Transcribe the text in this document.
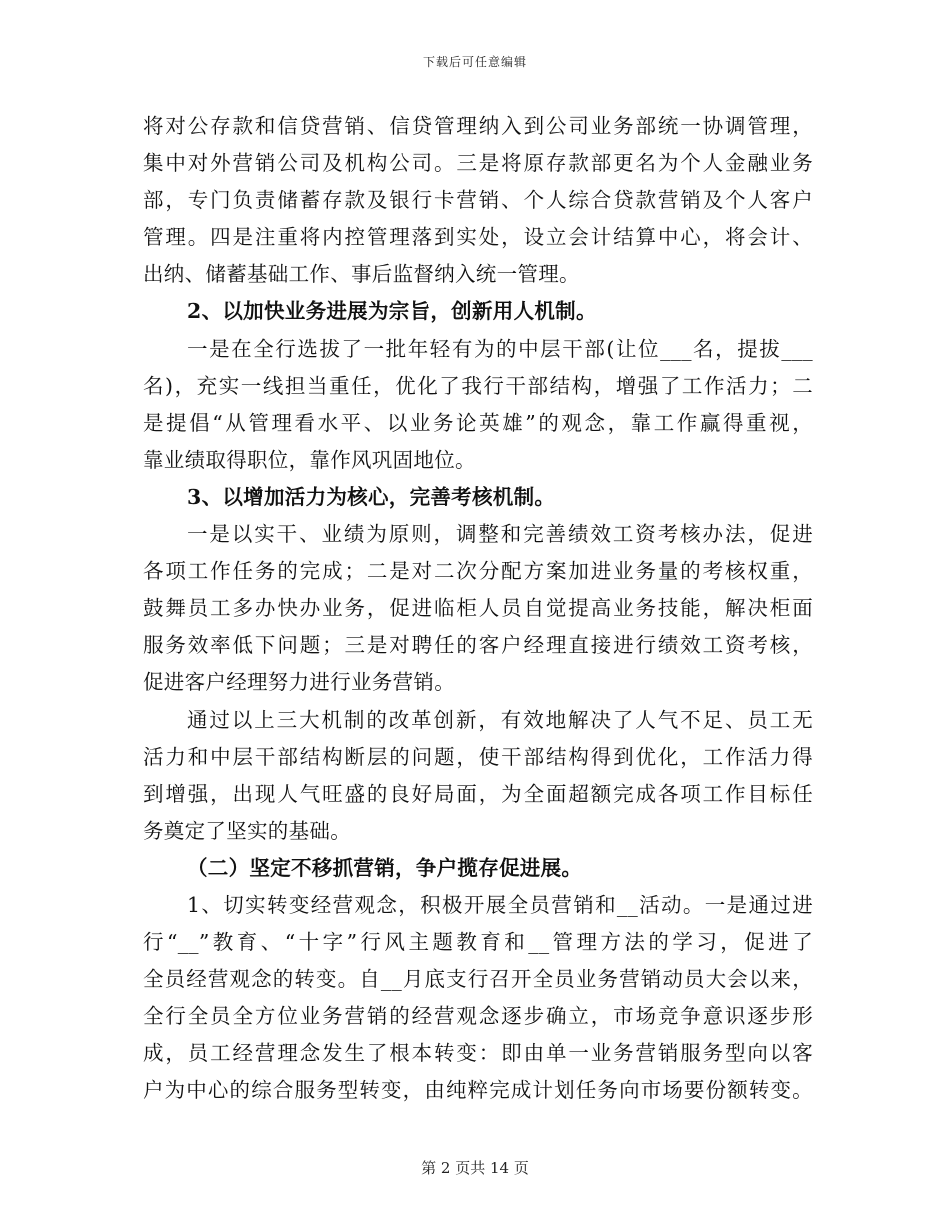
下载后可任意编辑
将对公存款和信贷营销、信贷管理纳入到公司业务部统一协调管理，
集中对外营销公司及机构公司。三是将原存款部更名为个人金融业务
部，专门负责储蓄存款及银行卡营销、个人综合贷款营销及个人客户
管理。四是注重将内控管理落到实处，设立会计结算中心，将会计、
出纳、储蓄基础工作、事后监督纳入统一管理。
2、以加快业务进展为宗旨，创新用人机制。
一是在全行选拔了一批年轻有为的中层干部(让位___名，提拔___
名)，充实一线担当重任，优化了我行干部结构，增强了工作活力；二
是提倡“从管理看水平、以业务论英雄”的观念，靠工作赢得重视，
靠业绩取得职位，靠作风巩固地位。
3、以增加活力为核心，完善考核机制。
一是以实干、业绩为原则，调整和完善绩效工资考核办法，促进
各项工作任务的完成；二是对二次分配方案加进业务量的考核权重，
鼓舞员工多办快办业务，促进临柜人员自觉提高业务技能，解决柜面
服务效率低下问题；三是对聘任的客户经理直接进行绩效工资考核，
促进客户经理努力进行业务营销。
通过以上三大机制的改革创新，有效地解决了人气不足、员工无
活力和中层干部结构断层的问题，使干部结构得到优化，工作活力得
到增强，出现人气旺盛的良好局面，为全面超额完成各项工作目标任
务奠定了坚实的基础。
（二）坚定不移抓营销，争户揽存促进展。
1、切实转变经营观念，积极开展全员营销和__活动。一是通过进
行“__”教育、“十字”行风主题教育和__管理方法的学习，促进了
全员经营观念的转变。自__月底支行召开全员业务营销动员大会以来，
全行全员全方位业务营销的经营观念逐步确立，市场竞争意识逐步形
成，员工经营理念发生了根本转变：即由单一业务营销服务型向以客
户为中心的综合服务型转变，由纯粹完成计划任务向市场要份额转变。
第 2 页共 14 页
